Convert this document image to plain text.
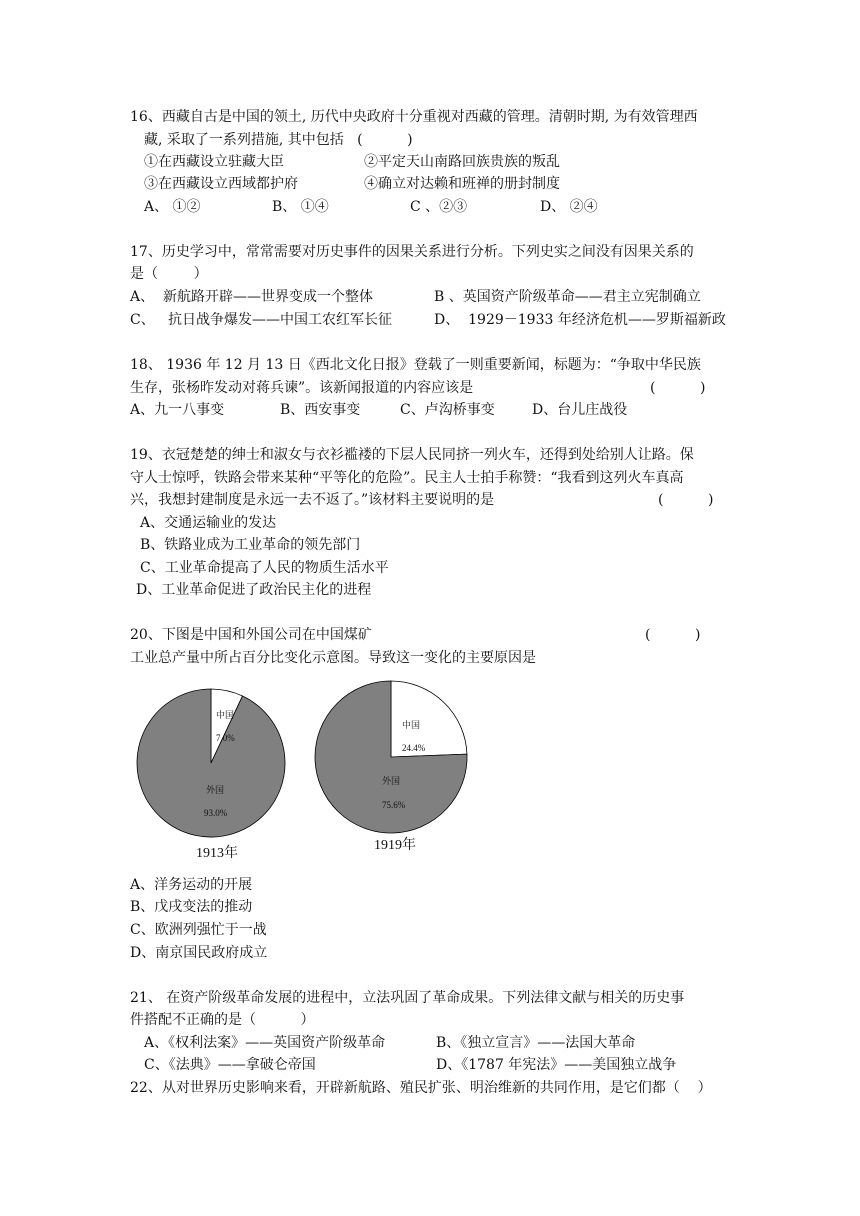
16、西藏自古是中国的领土, 历代中央政府十分重视对西藏的管理。清朝时期, 为有效管理西
藏, 采取了一系列措施, 其中包括   (          )
①在西藏设立驻藏大臣	②平定天山南路回族贵族的叛乱
③在西藏设立西域都护府	④确立对达赖和班禅的册封制度
A、 ①②	B、 ①④	C 、②③	D、 ②④
17、历史学习中，常常需要对历史事件的因果关系进行分析。下列史实之间没有因果关系的
是（        ）
A、  新航路开辟——世界变成一个整体	B 、英国资产阶级革命——君主立宪制确立
C、   抗日战争爆发——中国工农红军长征	D、  1929－1933 年经济危机——罗斯福新政
18、 1936 年 12 月 13 日《西北文化日报》登载了一则重要新闻，标题为：“争取中华民族
生存，张杨昨发动对蒋兵谏”。该新闻报道的内容应该是	(          )
A、九一八事变	B、西安事变	C、卢沟桥事变	D、台儿庄战役
19、衣冠楚楚的绅士和淑女与衣衫褴褛的下层人民同挤一列火车，还得到处给别人让路。保
守人士惊呼，铁路会带来某种“平等化的危险”。民主人士拍手称赞：“我看到这列火车真高
兴，我想封建制度是永远一去不返了。”该材料主要说明的是	(          )
A、交通运输业的发达
B、铁路业成为工业革命的领先部门
C、工业革命提高了人民的物质生活水平
D、工业革命促进了政治民主化的进程
20、下图是中国和外国公司在中国煤矿	(          )
工业总产量中所占百分比变化示意图。导致这一变化的主要原因是
中国
7.0%
外国
93.0%
1913年
中国
24.4%
外国
75.6%
1919年
A、洋务运动的开展
B、戊戌变法的推动
C、欧洲列强忙于一战
D、南京国民政府成立
21、 在资产阶级革命发展的进程中，立法巩固了革命成果。下列法律文献与相关的历史事
件搭配不正确的是（          ）
A、《权利法案》——英国资产阶级革命	B、《独立宣言》——法国大革命
C、《法典》——拿破仑帝国	D、《1787 年宪法》——美国独立战争
22、从对世界历史影响来看，开辟新航路、殖民扩张、明治维新的共同作用，是它们都（    ）
